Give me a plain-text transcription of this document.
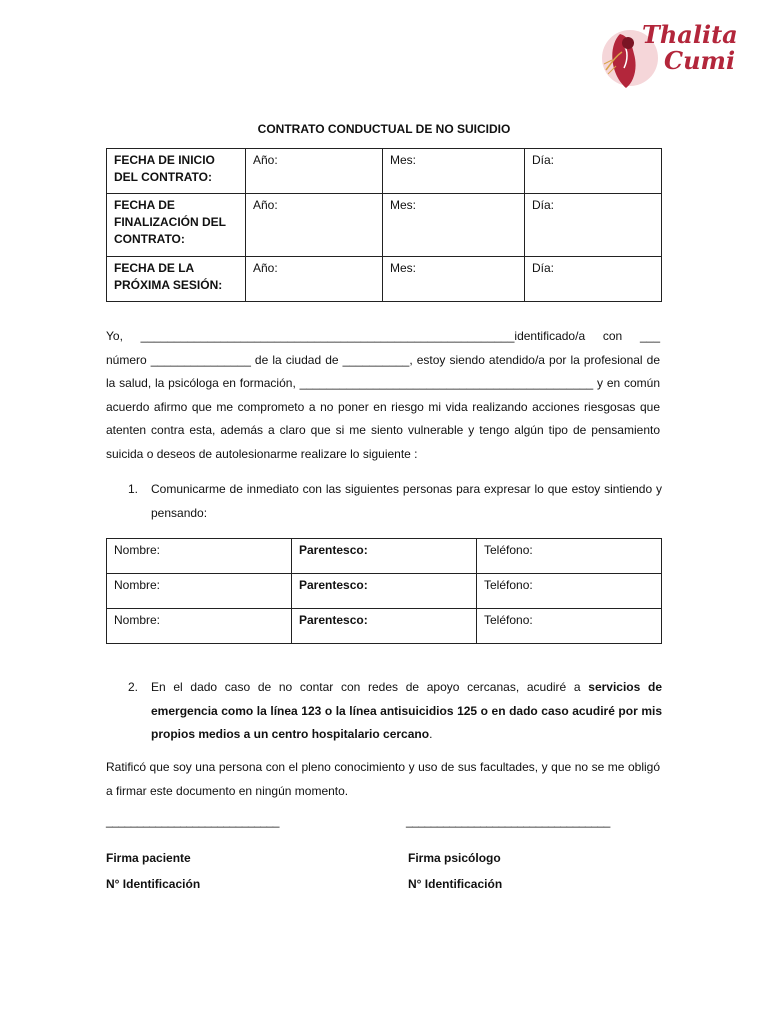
Thalita
Cumi
CONTRATO CONDUCTUAL DE NO SUICIDIO
FECHA DE INICIO DEL CONTRATO:	Año:	Mes:	Día:
FECHA DE FINALIZACIÓN DEL CONTRATO:	Año:	Mes:	Día:
FECHA DE LA PRÓXIMA SESIÓN:	Año:	Mes:	Día:
Yo, ________________________________________________________identificado/a con ___ número _______________ de la ciudad de __________, estoy siendo atendido/a por la profesional de la salud, la psicóloga en formación, ____________________________________________ y en común acuerdo afirmo que me comprometo a no poner en riesgo mi vida realizando acciones riesgosas que atenten contra esta, además a claro que si me siento vulnerable y tengo algún tipo de pensamiento suicida o deseos de autolesionarme realizare lo siguiente :
1. Comunicarme de inmediato con las siguientes personas para expresar lo que estoy sintiendo y pensando:
Nombre:	Parentesco:	Teléfono:
Nombre:	Parentesco:	Teléfono:
Nombre:	Parentesco:	Teléfono:
2. En el dado caso de no contar con redes de apoyo cercanas, acudiré a servicios de emergencia como la línea 123 o la línea antisuicidios 125 o en dado caso acudiré por mis propios medios a un centro hospitalario cercano.
Ratificó que soy una persona con el pleno conocimiento y uso de sus facultades, y que no se me obligó a firmar este documento en ningún momento.
____________________________	_________________________________
Firma paciente	Firma psicólogo
N° Identificación	N° Identificación
